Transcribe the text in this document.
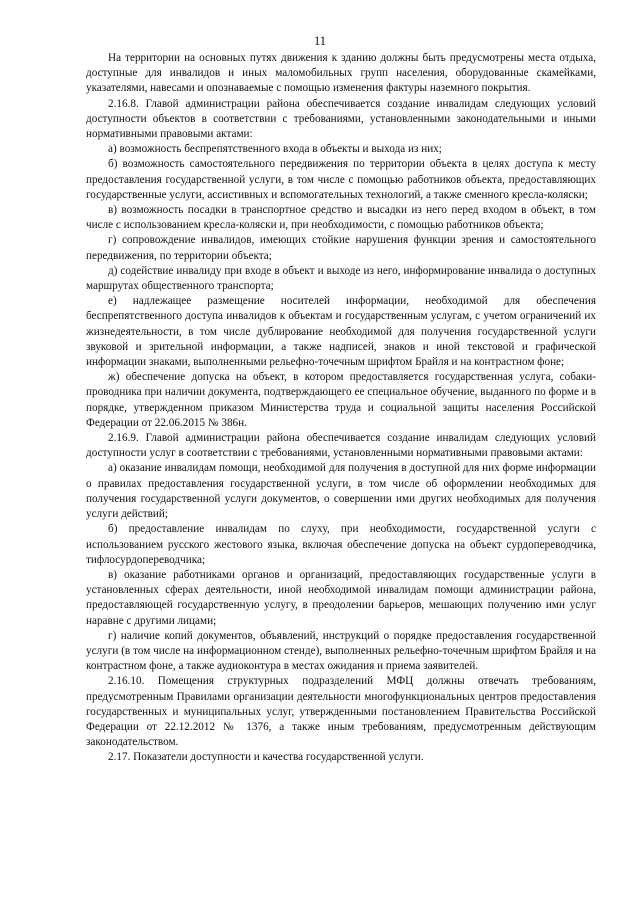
11

На территории на основных путях движения к зданию должны быть предусмотрены места отдыха, доступные для инвалидов и иных маломобильных групп населения, оборудованные скамейками, указателями, навесами и опознаваемые с помощью изменения фактуры наземного покрытия.

2.16.8. Главой администрации района обеспечивается создание инвалидам следующих условий доступности объектов в соответствии с требованиями, установленными законодательными и иными нормативными правовыми актами:

а) возможность беспрепятственного входа в объекты и выхода из них;

б) возможность самостоятельного передвижения по территории объекта в целях доступа к месту предоставления государственной услуги, в том числе с помощью работников объекта, предоставляющих государственные услуги, ассистивных и вспомогательных технологий, а также сменного кресла-коляски;

в) возможность посадки в транспортное средство и высадки из него перед входом в объект, в том числе с использованием кресла-коляски и, при необходимости, с помощью работников объекта;

г) сопровождение инвалидов, имеющих стойкие нарушения функции зрения и самостоятельного передвижения, по территории объекта;

д) содействие инвалиду при входе в объект и выходе из него, информирование инвалида о доступных маршрутах общественного транспорта;

е) надлежащее размещение носителей информации, необходимой для обеспечения беспрепятственного доступа инвалидов к объектам и государственным услугам, с учетом ограничений их жизнедеятельности, в том числе дублирование необходимой для получения государственной услуги звуковой и зрительной информации, а также надписей, знаков и иной текстовой и графической информации знаками, выполненными рельефно-точечным шрифтом Брайля и на контрастном фоне;

ж) обеспечение допуска на объект, в котором предоставляется государственная услуга, собаки-проводника при наличии документа, подтверждающего ее специальное обучение, выданного по форме и в порядке, утвержденном приказом Министерства труда и социальной защиты населения Российской Федерации от 22.06.2015 № 386н.

2.16.9. Главой администрации района обеспечивается создание инвалидам следующих условий доступности услуг в соответствии с требованиями, установленными нормативными правовыми актами:

а) оказание инвалидам помощи, необходимой для получения в доступной для них форме информации о правилах предоставления государственной услуги, в том числе об оформлении необходимых для получения государственной услуги документов, о совершении ими других необходимых для получения услуги действий;

б) предоставление инвалидам по слуху, при необходимости, государственной услуги с использованием русского жестового языка, включая обеспечение допуска на объект сурдопереводчика, тифлосурдопереводчика;

в) оказание работниками органов и организаций, предоставляющих государственные услуги в установленных сферах деятельности, иной необходимой инвалидам помощи администрации района, предоставляющей государственную услугу, в преодолении барьеров, мешающих получению ими услуг наравне с другими лицами;

г) наличие копий документов, объявлений, инструкций о порядке предоставления государственной услуги (в том числе на информационном стенде), выполненных рельефно-точечным шрифтом Брайля и на контрастном фоне, а также аудиоконтура в местах ожидания и приема заявителей.

2.16.10. Помещения структурных подразделений МФЦ должны отвечать требованиям, предусмотренным Правилами организации деятельности многофункциональных центров предоставления государственных и муниципальных услуг, утвержденными постановлением Правительства Российской Федерации от 22.12.2012 № 1376, а также иным требованиям, предусмотренным действующим законодательством.

2.17. Показатели доступности и качества государственной услуги.
